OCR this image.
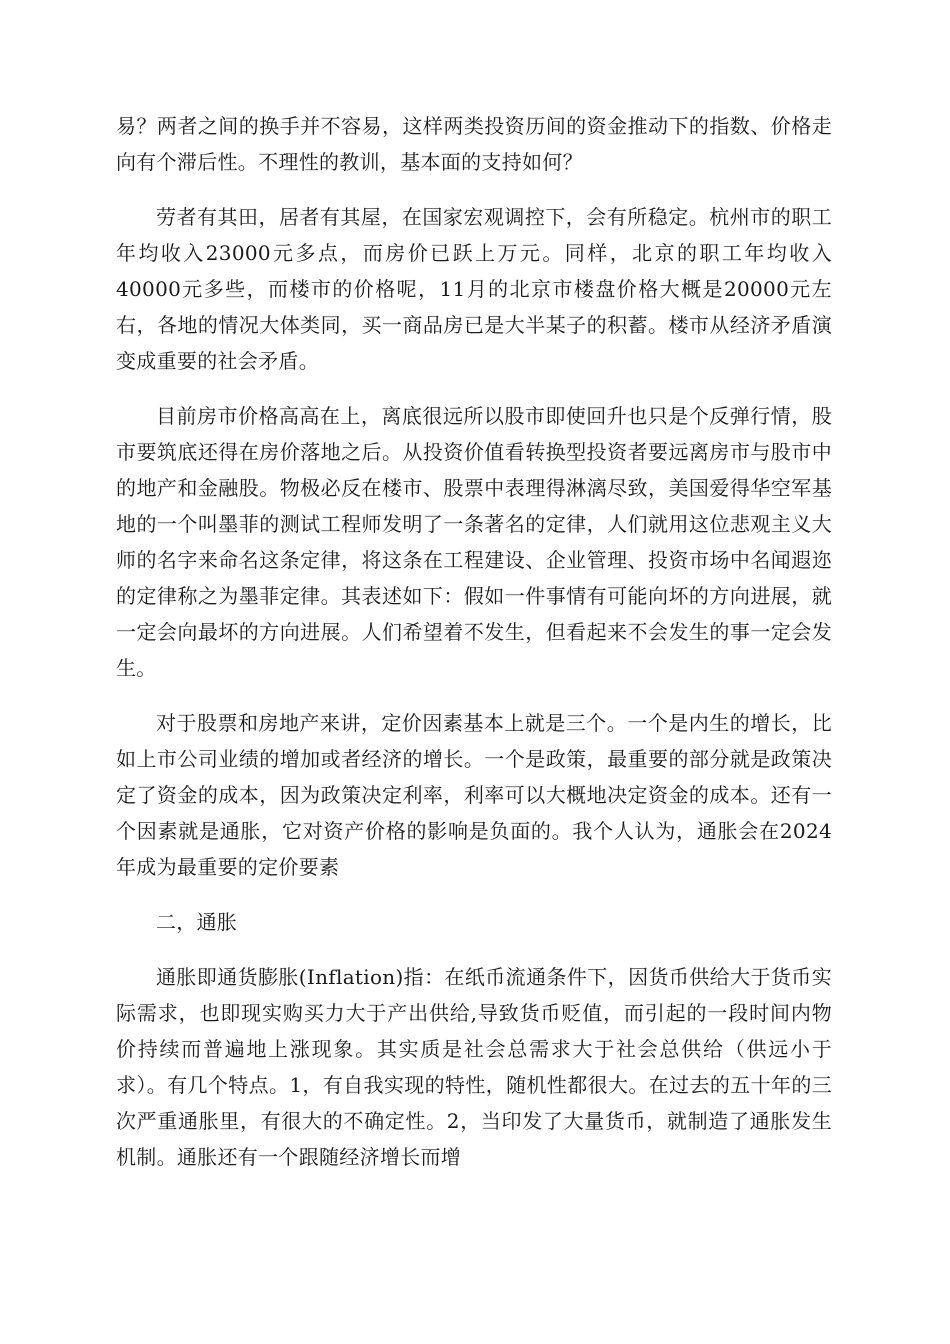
易？两者之间的换手并不容易，这样两类投资历间的资金推动下的指数、价格走向有个滞后性。不理性的教训，基本面的支持如何？

劳者有其田，居者有其屋，在国家宏观调控下，会有所稳定。杭州市的职工年均收入23000元多点，而房价已跃上万元。同样，北京的职工年均收入40000元多些，而楼市的价格呢，11月的北京市楼盘价格大概是20000元左右，各地的情况大体类同，买一商品房已是大半某子的积蓄。楼市从经济矛盾演变成重要的社会矛盾。

目前房市价格高高在上，离底很远所以股市即使回升也只是个反弹行情，股市要筑底还得在房价落地之后。从投资价值看转换型投资者要远离房市与股市中的地产和金融股。物极必反在楼市、股票中表理得淋漓尽致，美国爱得华空军基地的一个叫墨菲的测试工程师发明了一条著名的定律，人们就用这位悲观主义大师的名字来命名这条定律，将这条在工程建设、企业管理、投资市场中名闻遐迩的定律称之为墨菲定律。其表述如下：假如一件事情有可能向坏的方向进展，就一定会向最坏的方向进展。人们希望着不发生，但看起来不会发生的事一定会发生。

对于股票和房地产来讲，定价因素基本上就是三个。一个是内生的增长，比如上市公司业绩的增加或者经济的增长。一个是政策，最重要的部分就是政策决定了资金的成本，因为政策决定利率，利率可以大概地决定资金的成本。还有一个因素就是通胀，它对资产价格的影响是负面的。我个人认为，通胀会在2024年成为最重要的定价要素

二，通胀

通胀即通货膨胀(Inflation)指：在纸币流通条件下，因货币供给大于货币实际需求，也即现实购买力大于产出供给,导致货币贬值，而引起的一段时间内物价持续而普遍地上涨现象。其实质是社会总需求大于社会总供给（供远小于求）。有几个特点。1，有自我实现的特性，随机性都很大。在过去的五十年的三次严重通胀里，有很大的不确定性。2，当印发了大量货币，就制造了通胀发生机制。通胀还有一个跟随经济增长而增
